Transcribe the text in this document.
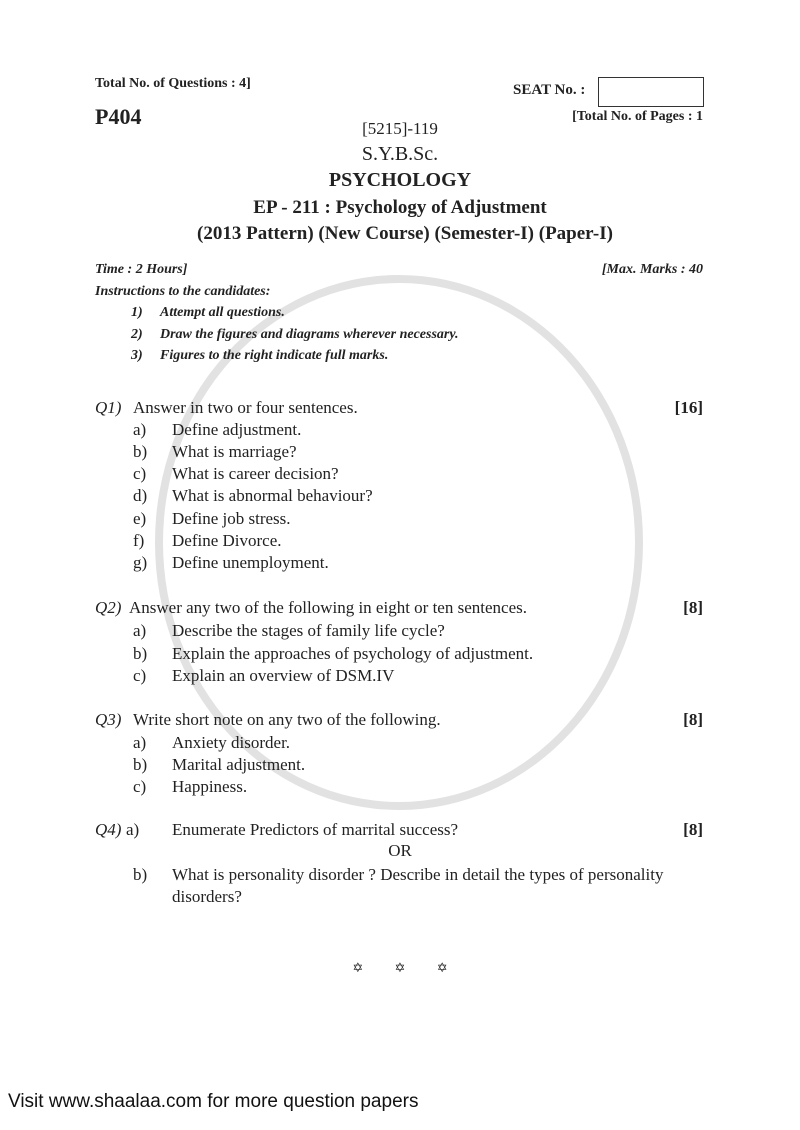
Total No. of Questions : 4]	SEAT No. :
P404	[Total No. of Pages : 1
[5215]-119
S.Y.B.Sc.
PSYCHOLOGY
EP - 211 : Psychology of Adjustment
(2013 Pattern) (New Course) (Semester-I) (Paper-I)
Time : 2 Hours]	[Max. Marks : 40
Instructions to the candidates:
1) Attempt all questions.
2) Draw the figures and diagrams wherever necessary.
3) Figures to the right indicate full marks.
Q1) Answer in two or four sentences.	[16]
a) Define adjustment.
b) What is marriage?
c) What is career decision?
d) What is abnormal behaviour?
e) Define job stress.
f) Define Divorce.
g) Define unemployment.
Q2) Answer any two of the following in eight or ten sentences.	[8]
a) Describe the stages of family life cycle?
b) Explain the approaches of psychology of adjustment.
c) Explain an overview of DSM.IV
Q3) Write short note on any two of the following.	[8]
a) Anxiety disorder.
b) Marital adjustment.
c) Happiness.
Q4) a) Enumerate Predictors of marrital success?	[8]
OR
b) What is personality disorder ? Describe in detail the types of personality
disorders?
✡ ✡ ✡
Visit www.shaalaa.com for more question papers
